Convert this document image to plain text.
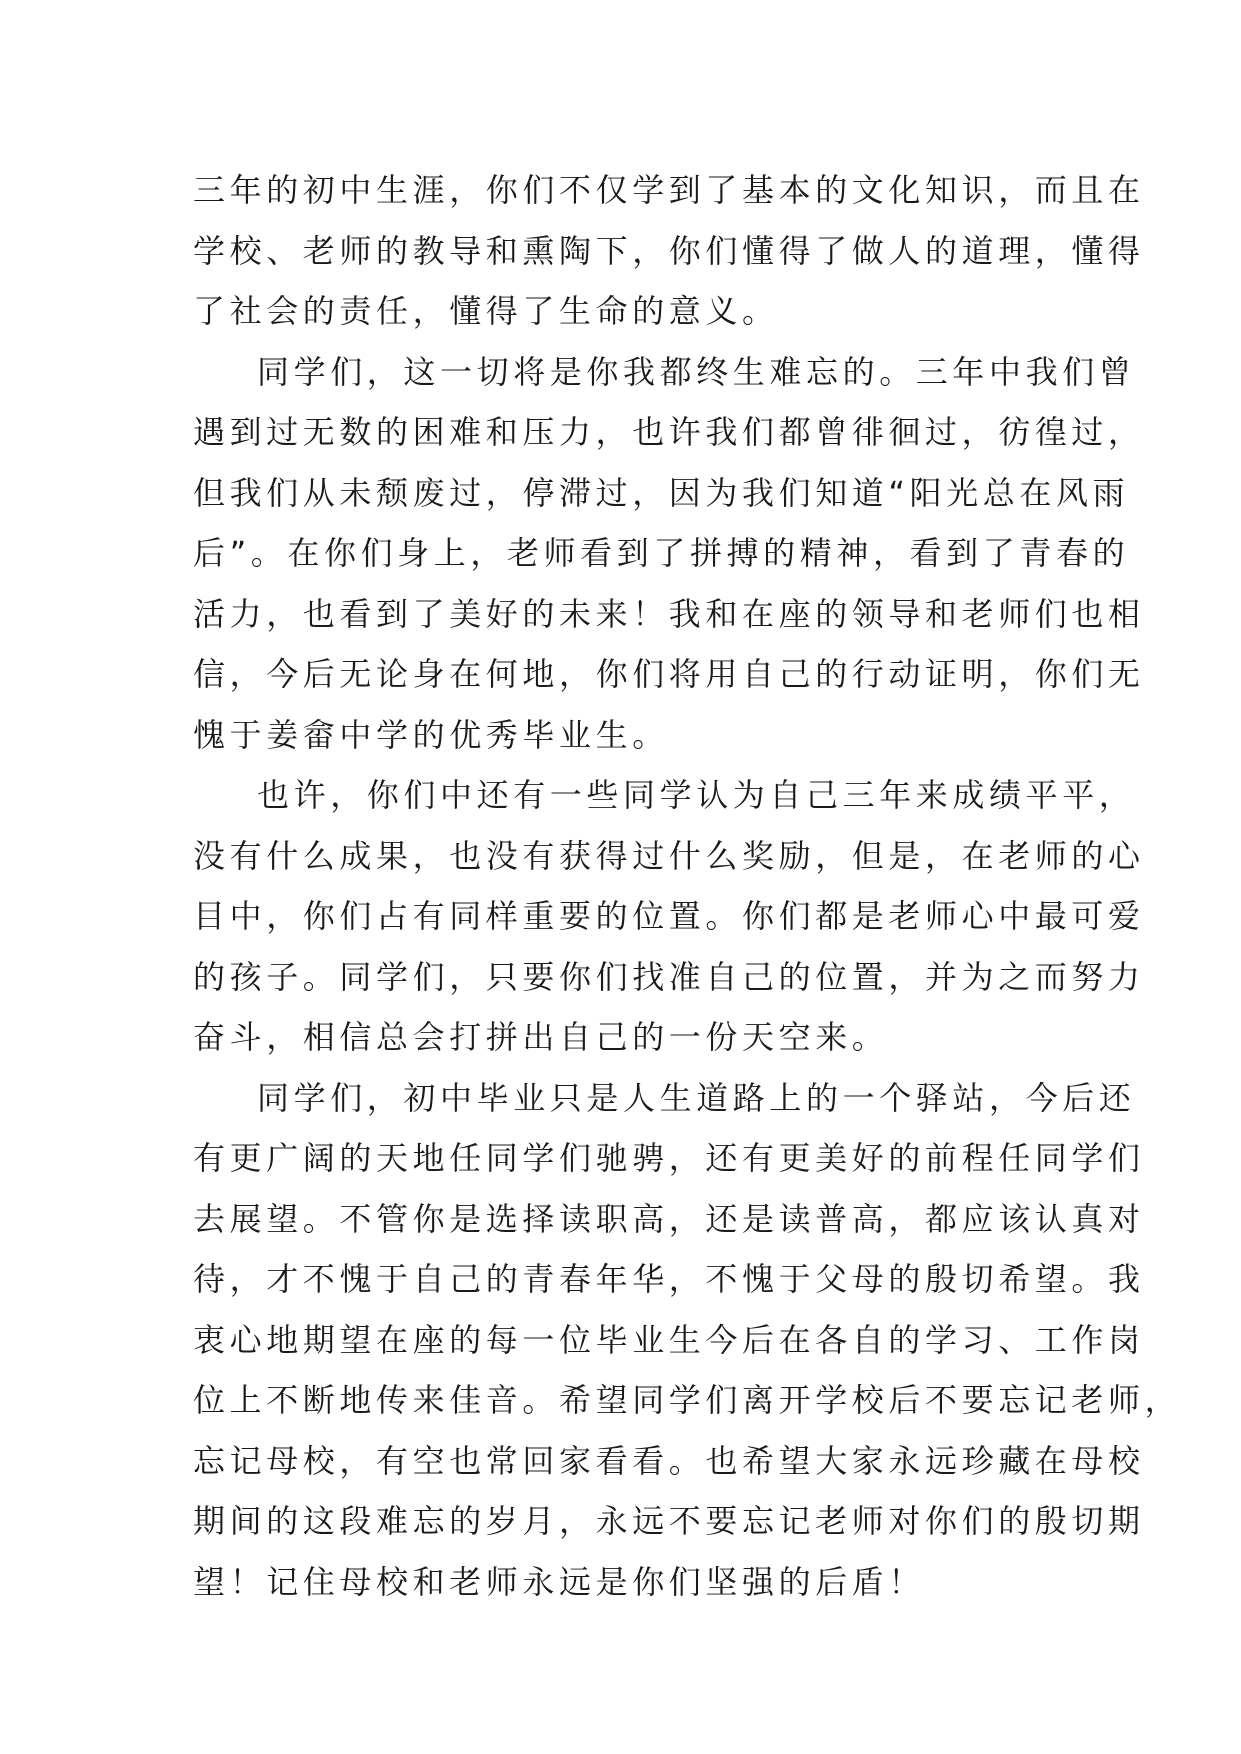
三年的初中生涯，你们不仅学到了基本的文化知识，而且在
学校、老师的教导和熏陶下，你们懂得了做人的道理，懂得
了社会的责任，懂得了生命的意义。
同学们，这一切将是你我都终生难忘的。三年中我们曾
遇到过无数的困难和压力，也许我们都曾徘徊过，彷徨过，
但我们从未颓废过，停滞过，因为我们知道“阳光总在风雨
后”。在你们身上，老师看到了拼搏的精神，看到了青春的
活力，也看到了美好的未来！我和在座的领导和老师们也相
信，今后无论身在何地，你们将用自己的行动证明，你们无
愧于姜畲中学的优秀毕业生。
也许，你们中还有一些同学认为自己三年来成绩平平，
没有什么成果，也没有获得过什么奖励，但是，在老师的心
目中，你们占有同样重要的位置。你们都是老师心中最可爱
的孩子。同学们，只要你们找准自己的位置，并为之而努力
奋斗，相信总会打拼出自己的一份天空来。
同学们，初中毕业只是人生道路上的一个驿站，今后还
有更广阔的天地任同学们驰骋，还有更美好的前程任同学们
去展望。不管你是选择读职高，还是读普高，都应该认真对
待，才不愧于自己的青春年华，不愧于父母的殷切希望。我
衷心地期望在座的每一位毕业生今后在各自的学习、工作岗
位上不断地传来佳音。希望同学们离开学校后不要忘记老师，
忘记母校，有空也常回家看看。也希望大家永远珍藏在母校
期间的这段难忘的岁月，永远不要忘记老师对你们的殷切期
望！记住母校和老师永远是你们坚强的后盾！
